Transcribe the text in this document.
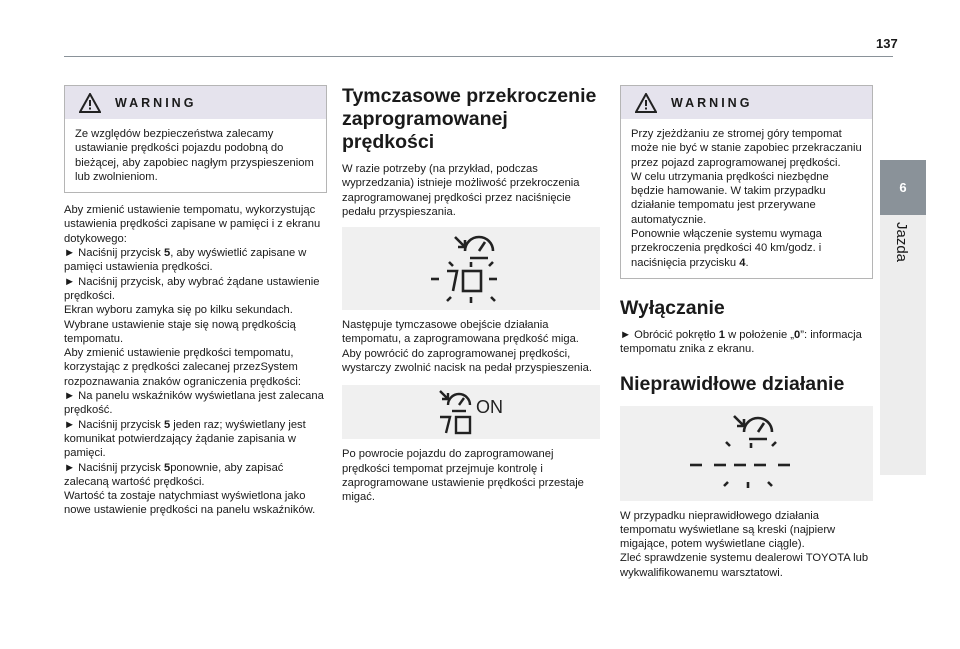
137
6
Jazda
WARNING
Ze względów bezpieczeństwa zalecamy ustawianie prędkości pojazdu podobną do bieżącej, aby zapobiec nagłym przyspieszeniom lub zwolnieniom.

Aby zmienić ustawienie tempomatu, wykorzystując ustawienia prędkości zapisane w pamięci i z ekranu dotykowego:

► Naciśnij przycisk 5, aby wyświetlić zapisane w pamięci ustawienia prędkości.

► Naciśnij przycisk, aby wybrać żądane ustawienie prędkości.

Ekran wyboru zamyka się po kilku sekundach.

Wybrane ustawienie staje się nową prędkością tempomatu.

Aby zmienić ustawienie prędkości tempomatu, korzystając z prędkości zalecanej przezSystem rozpoznawania znaków ograniczenia prędkości:

► Na panelu wskaźników wyświetlana jest zalecana prędkość.

► Naciśnij przycisk 5 jeden raz; wyświetlany jest komunikat potwierdzający żądanie zapisania w pamięci.

► Naciśnij przycisk 5ponownie, aby zapisać zalecaną wartość prędkości.

Wartość ta zostaje natychmiast wyświetlona jako nowe ustawienie prędkości na panelu wskaźników.

Tymczasowe przekroczenie
zaprogramowanej prędkości

W razie potrzeby (na przykład, podczas wyprzedzania) istnieje możliwość przekroczenia zaprogramowanej prędkości przez naciśnięcie pedału przyspieszania.

Następuje tymczasowe obejście działania tempomatu, a zaprogramowana prędkość miga.

Aby powrócić do zaprogramowanej prędkości, wystarczy zwolnić nacisk na pedał przyspieszenia.

ON

Po powrocie pojazdu do zaprogramowanej prędkości tempomat przejmuje kontrolę i zaprogramowane ustawienie prędkości przestaje migać.

WARNING
Przy zjeżdżaniu ze stromej góry tempomat może nie być w stanie zapobiec przekraczaniu przez pojazd zaprogramowanej prędkości.
W celu utrzymania prędkości niezbędne będzie hamowanie. W takim przypadku działanie tempomatu jest przerywane automatycznie.
Ponownie włączenie systemu wymaga przekroczenia prędkości 40 km/godz. i naciśnięcia przycisku 4.
Wyłączanie

► Obrócić pokrętło 1 w położenie „0”: informacja tempomatu znika z ekranu.

Nieprawidłowe działanie

W przypadku nieprawidłowego działania tempomatu wyświetlane są kreski (najpierw migające, potem wyświetlane ciągle).

Zleć sprawdzenie systemu dealerowi TOYOTA lub wykwalifikowanemu warsztatowi.
